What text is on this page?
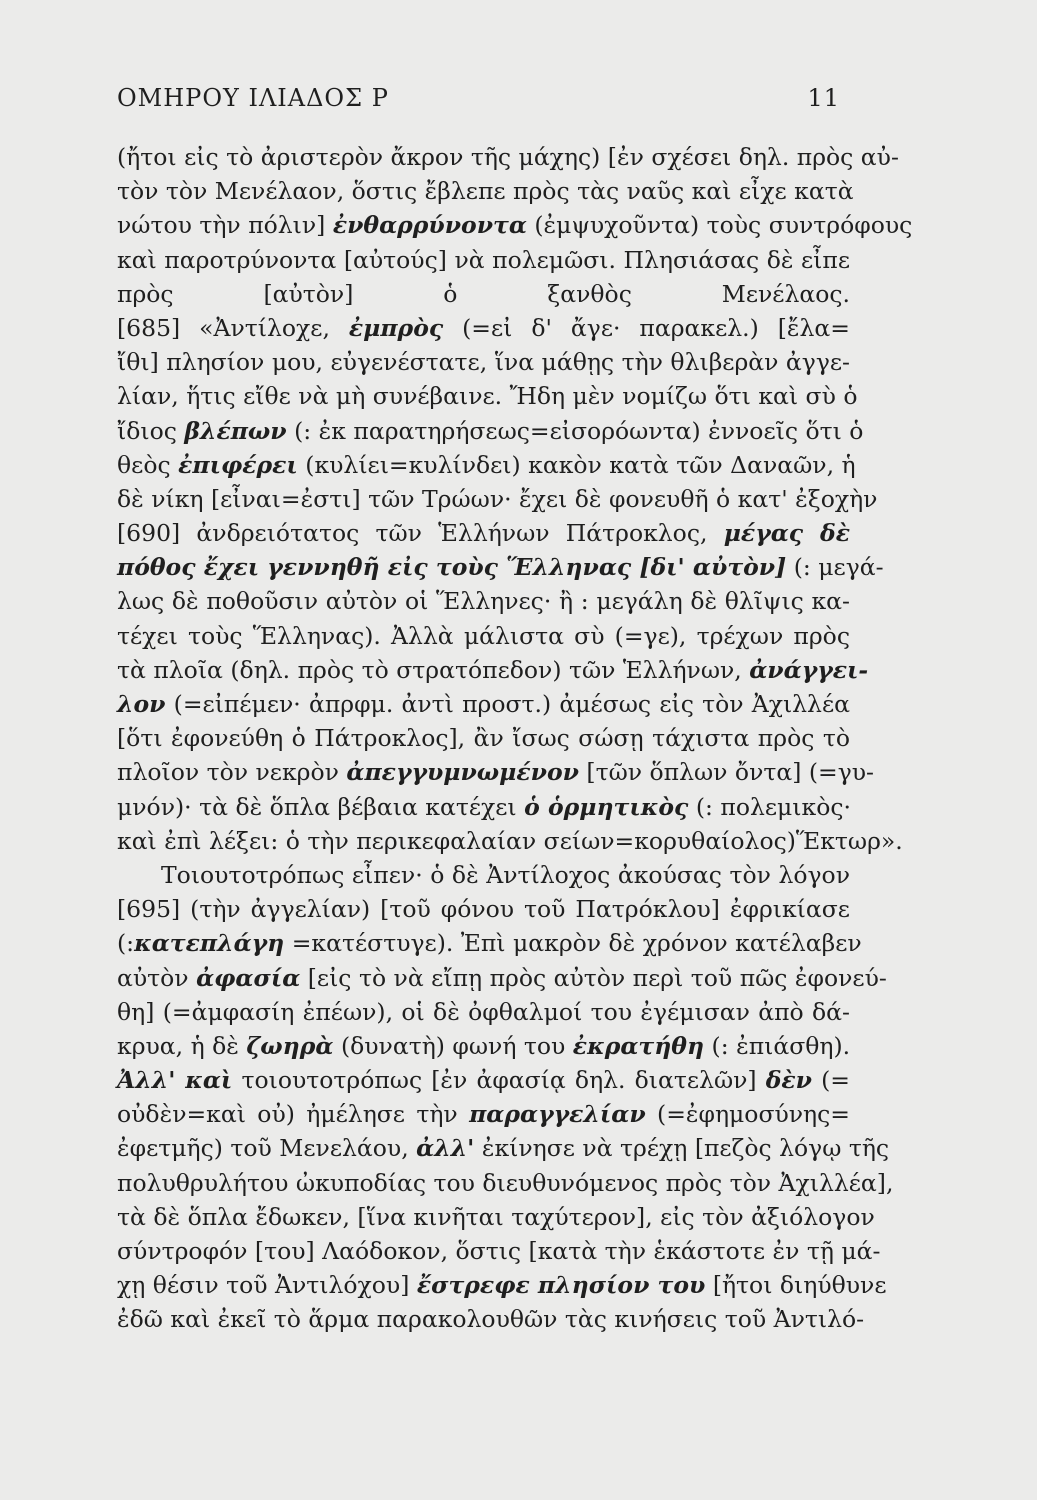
ΟΜΗΡΟΥ ΙΛΙΑΔΟΣ Ρ	11
(ἤτοι εἰς τὸ ἀριστερὸν ἄκρον τῆς μάχης) [ἐν σχέσει δηλ. πρὸς αὐ-
τὸν τὸν Μενέλαον, ὅστις ἔβλεπε πρὸς τὰς ναῦς καὶ εἶχε κατὰ
νώτου τὴν πόλιν] ἐνθαρρύνοντα (ἐμψυχοῦντα) τοὺς συντρόφους
καὶ παροτρύνοντα [αὐτούς] νὰ πολεμῶσι. Πλησιάσας δὲ εἶπε
πρὸς [αὐτὸν] ὁ ξανθὸς Μενέλαος.
[685] «Ἀντίλοχε, ἐμπρὸς (=εἰ δ' ἄγε· παρακελ.) [ἔλα=
ἴθι] πλησίον μου, εὐγενέστατε, ἵνα μάθῃς τὴν θλιβερὰν ἀγγε-
λίαν, ἥτις εἴθε νὰ μὴ συνέβαινε. Ἤδη μὲν νομίζω ὅτι καὶ σὺ ὁ
ἴδιος βλέπων (: ἐκ παρατηρήσεως=εἰσορόωντα) ἐννοεῖς ὅτι ὁ
θεὸς ἐπιφέρει (κυλίει=κυλίνδει) κακὸν κατὰ τῶν Δαναῶν, ἡ
δὲ νίκη [εἶναι=ἐστι] τῶν Τρώων· ἔχει δὲ φονευθῆ ὁ κατ' ἐξοχὴν
[690] ἀνδρειότατος τῶν Ἑλλήνων Πάτροκλος, μέγας δὲ
πόθος ἔχει γεννηθῆ εἰς τοὺς Ἕλληνας [δι' αὐτὸν] (: μεγά-
λως δὲ ποθοῦσιν αὐτὸν οἱ Ἕλληνες· ἢ : μεγάλη δὲ θλῖψις κα-
τέχει τοὺς Ἕλληνας). Ἀλλὰ μάλιστα σὺ (=γε), τρέχων πρὸς
τὰ πλοῖα (δηλ. πρὸς τὸ στρατόπεδον) τῶν Ἑλλήνων, ἀνάγγει-
λον (=εἰπέμεν· ἀπρφμ. ἀντὶ προστ.) ἀμέσως εἰς τὸν Ἀχιλλέα
[ὅτι ἐφονεύθη ὁ Πάτροκλος], ἂν ἴσως σώσῃ τάχιστα πρὸς τὸ
πλοῖον τὸν νεκρὸν ἀπεγγυμνωμένον [τῶν ὅπλων ὄντα] (=γυ-
μνόν)· τὰ δὲ ὅπλα βέβαια κατέχει ὁ ὁρμητικὸς (: πολεμικὸς·
καὶ ἐπὶ λέξει: ὁ τὴν περικεφαλαίαν σείων=κορυθαίολος)Ἕκτωρ».
Τοιουτοτρόπως εἶπεν· ὁ δὲ Ἀντίλοχος ἀκούσας τὸν λόγον
[695] (τὴν ἀγγελίαν) [τοῦ φόνου τοῦ Πατρόκλου] ἐφρικίασε
(:κατεπλάγη =κατέστυγε). Ἐπὶ μακρὸν δὲ χρόνον κατέλαβεν
αὐτὸν ἀφασία [εἰς τὸ νὰ εἴπῃ πρὸς αὐτὸν περὶ τοῦ πῶς ἐφονεύ-
θη] (=ἀμφασίη ἐπέων), οἱ δὲ ὀφθαλμοί του ἐγέμισαν ἀπὸ δά-
κρυα, ἡ δὲ ζωηρὰ (δυνατὴ) φωνή του ἐκρατήθη (: ἐπιάσθη).
Ἀλλ' καὶ τοιουτοτρόπως [ἐν ἀφασίᾳ δηλ. διατελῶν] δὲν (=
οὐδὲν=καὶ οὐ) ἠμέλησε τὴν παραγγελίαν (=ἐφημοσύνης=
ἐφετμῆς) τοῦ Μενελάου, ἀλλ' ἐκίνησε νὰ τρέχῃ [πεζὸς λόγῳ τῆς
πολυθρυλήτου ὠκυποδίας του διευθυνόμενος πρὸς τὸν Ἀχιλλέα],
τὰ δὲ ὅπλα ἔδωκεν, [ἵνα κινῆται ταχύτερον], εἰς τὸν ἀξιόλογον
σύντροφόν [του] Λαόδοκον, ὅστις [κατὰ τὴν ἑκάστοτε ἐν τῇ μά-
χῃ θέσιν τοῦ Ἀντιλόχου] ἔστρεφε πλησίον του [ἤτοι διηύθυνε
ἐδῶ καὶ ἐκεῖ τὸ ἅρμα παρακολουθῶν τὰς κινήσεις τοῦ Ἀντιλό-
